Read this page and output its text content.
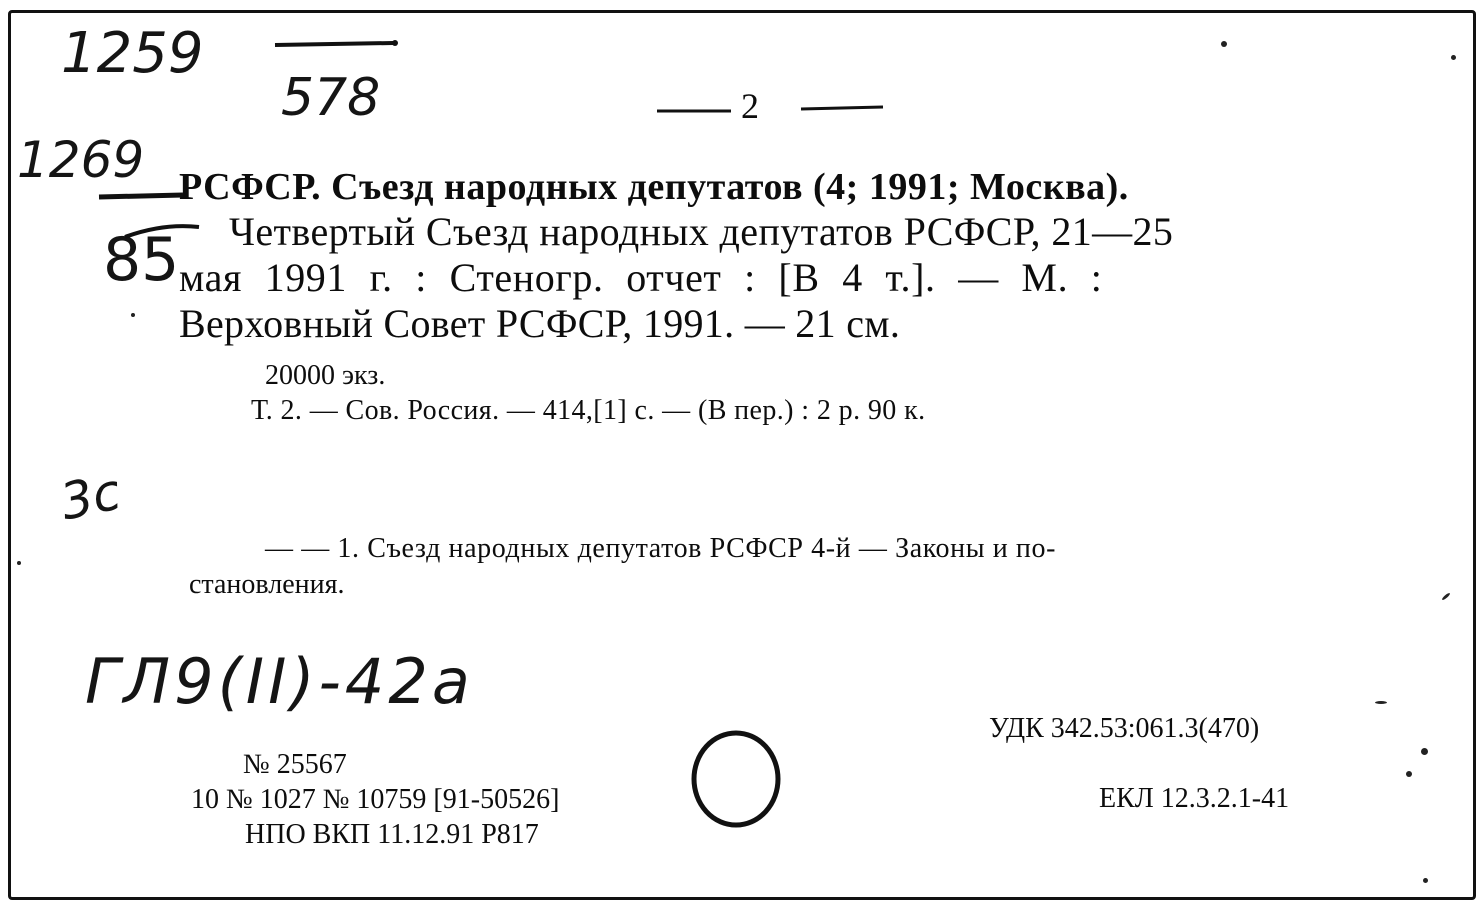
1259
578
1269
85
2
РСФСР. Съезд народных депутатов (4; 1991; Москва).
Четвертый Съезд народных депутатов РСФСР, 21—25
мая 1991 г. : Стеногр. отчет : [В 4 т.]. — М. :
Верховный Совет РСФСР, 1991. — 21 см.
20000 экз.
Т. 2. — Сов. Россия. — 414,[1] с. — (В пер.) : 2 р. 90 к.
3с
— — 1. Съезд народных депутатов РСФСР 4-й — Законы и по-
становления.
ГЛ9(II)-42а
№ 25567
10 № 1027 № 10759 [91-50526]
НПО ВКП 11.12.91 Р817
УДК 342.53:061.3(470)
ЕКЛ 12.3.2.1-41
